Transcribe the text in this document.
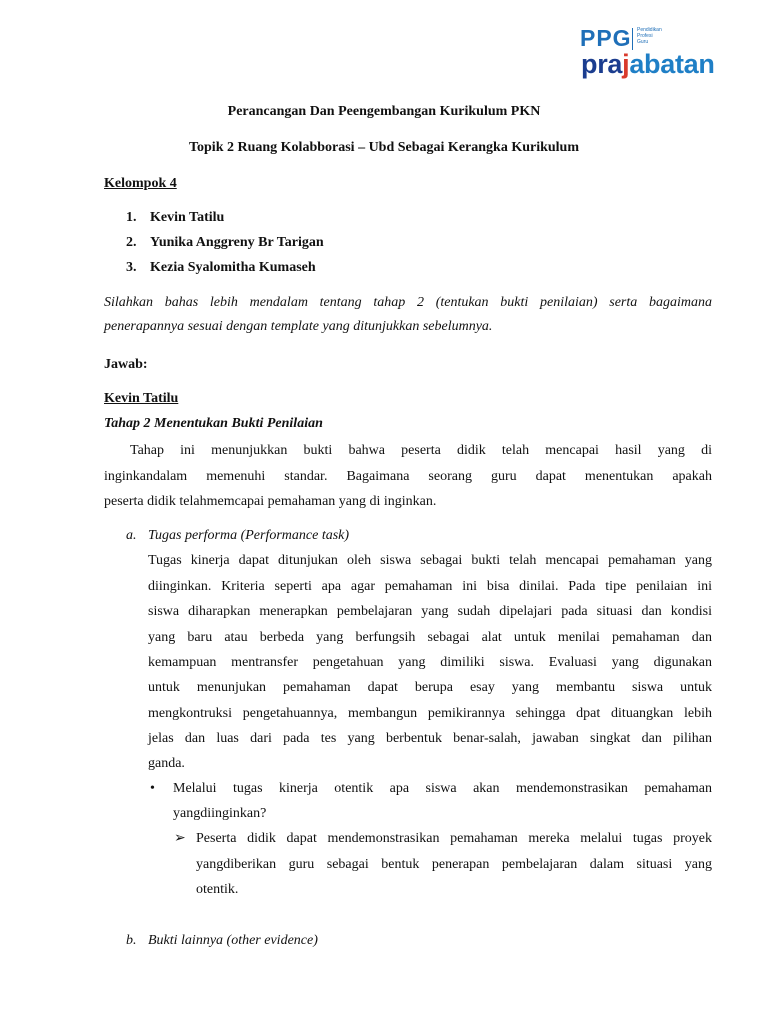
PPG Pendidikan
Profesi
Guru
prajabatan
Perancangan Dan Peengembangan Kurikulum PKN
Topik 2 Ruang Kolabborasi – Ubd Sebagai Kerangka Kurikulum
Kelompok 4
1. Kevin Tatilu
2. Yunika Anggreny Br Tarigan
3. Kezia Syalomitha Kumaseh
Silahkan bahas lebih mendalam tentang tahap 2 (tentukan bukti penilaian) serta bagaimana
penerapannya sesuai dengan template yang ditunjukkan sebelumnya.
Jawab:
Kevin Tatilu
Tahap 2 Menentukan Bukti Penilaian
Tahap ini menunjukkan bukti bahwa peserta didik telah mencapai hasil yang di
inginkandalam memenuhi standar. Bagaimana seorang guru dapat menentukan apakah
peserta didik telahmemcapai pemahaman yang di inginkan.
a. Tugas performa (Performance task)
Tugas kinerja dapat ditunjukan oleh siswa sebagai bukti telah mencapai pemahaman yang
diinginkan. Kriteria seperti apa agar pemahaman ini bisa dinilai. Pada tipe penilaian ini
siswa diharapkan menerapkan pembelajaran yang sudah dipelajari pada situasi dan kondisi
yang baru atau berbeda yang berfungsih sebagai alat untuk menilai pemahaman dan
kemampuan mentransfer pengetahuan yang dimiliki siswa. Evaluasi yang digunakan
untuk menunjukan pemahaman dapat berupa esay yang membantu siswa untuk
mengkontruksi pengetahuannya, membangun pemikirannya sehingga dpat dituangkan lebih
jelas dan luas dari pada tes yang berbentuk benar-salah, jawaban singkat dan pilihan
ganda.
• Melalui tugas kinerja otentik apa siswa akan mendemonstrasikan pemahaman
yangdiinginkan?
➢ Peserta didik dapat mendemonstrasikan pemahaman mereka melalui tugas proyek
yangdiberikan guru sebagai bentuk penerapan pembelajaran dalam situasi yang
otentik.
b. Bukti lainnya (other evidence)
